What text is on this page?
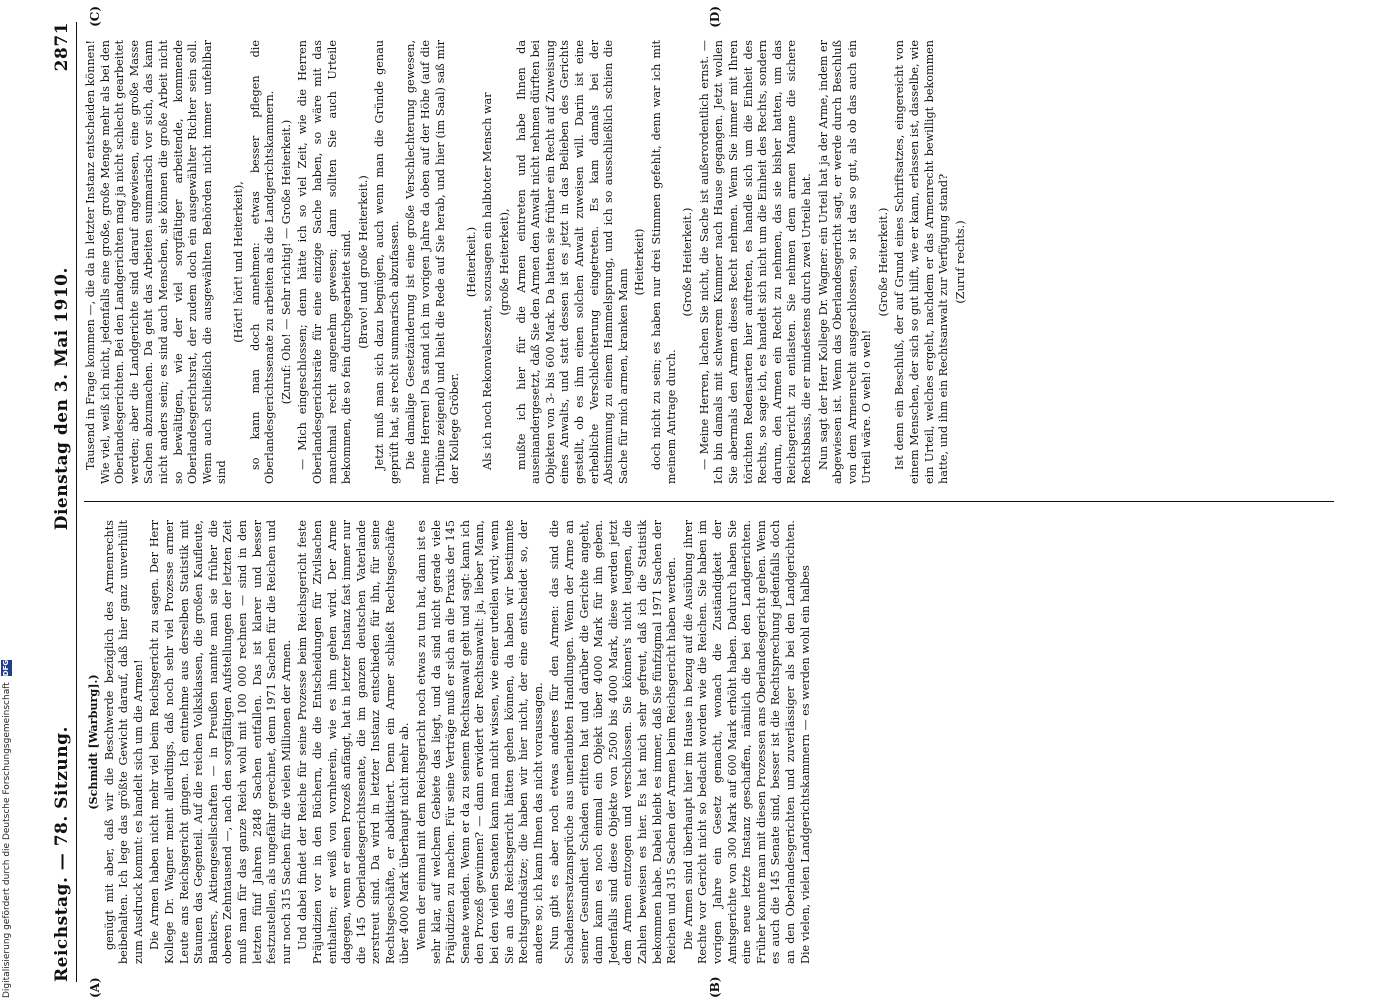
Reichstag. — 78. Sitzung.
Dienstag den 3. Mai 1910.
2871

(Schmidt [Warburg].) genügt mit aber, daß wir die Beschwerde bezüglich des Armenrechts beibehalten. Ich lege das größte Gewicht darauf, daß hier ganz unverhüllt zum Ausdruck kommt: es handelt sich um die Armen! Die Armen haben nicht mehr viel beim Reichsgericht zu sagen. Der Herr Kollege Dr. Wagner meint allerdings, daß noch sehr viel Prozesse armer Leute ans Reichsgericht gingen. Ich entnehme aus derselben Statistik mit Staunen das Gegenteil. Auf die reichen Volksklassen, die großen Kaufleute, Bankiers, Aktiengesellschaften — in Preußen nannte man sie früher die oberen Zehntausend —, nach den sorgfältigen Aufstellungen der letzten Zeit muß man für das ganze Reich wohl mit 100 000 rechnen — sind in den letzten fünf Jahren 2848 Sachen entfallen. Das ist klarer und besser festzustellen, als ungefähr gerechnet, denn 1971 Sachen für die Reichen und nur noch 315 Sachen für die vielen Millionen der Armen. Und dabei findet der Reiche für seine Prozesse beim Reichsgericht feste Präjudizien vor in den Büchern, die die Entscheidungen für Zivilsachen enthalten; er weiß von vornherein, wie es ihm gehen wird. Der Arme dagegen, wenn er einen Prozeß anfängt, hat in letzter Instanz fast immer nur die 145 Oberlandesgerichtssenate, die im ganzen deutschen Vaterlande zerstreut sind. Da wird in letzter Instanz entschieden für ihn, für seine Rechtsgeschäfte, er abdiktiert. Denn ein Armer schließt Rechtsgeschäfte über 4000 Mark überhaupt nicht mehr ab. Wenn der einmal mit dem Reichsgericht noch etwas zu tun hat, dann ist es sehr klar, auf welchem Gebiete das liegt, und da sind nicht gerade viele Präjudizien zu machen. Für seine Verträge muß er sich an die Praxis der 145 Senate wenden. Wenn er da zu seinem Rechtsanwalt geht und sagt: kann ich den Prozeß gewinnen? — dann erwidert der Rechtsanwalt: ja, lieber Mann, bei den vielen Senaten kann man nicht wissen, wie einer urteilen wird; wenn Sie an das Reichsgericht hätten gehen können, da haben wir bestimmte Rechtsgrundsätze; die haben wir hier nicht, der eine entscheidet so, der andere so; ich kann Ihnen das nicht voraussagen. Nun gibt es aber noch etwas anderes für den Armen: das sind die Schadensersatzansprüche aus unerlaubten Handlungen. Wenn der Arme an seiner Gesundheit Schaden erlitten hat und darüber die Gerichte angeht, dann kann es noch einmal ein Objekt über 4000 Mark für ihn geben. Jedenfalls sind diese Objekte von 2500 bis 4000 Mark, diese werden jetzt dem Armen entzogen und verschlossen. Sie können's nicht leugnen, die Zahlen beweisen es hier. Es hat mich sehr gefreut, daß ich die Statistik bekommen habe. Dabei bleibt es immer, daß Sie fünfzigmal 1971 Sachen der Reichen und 315 Sachen der Armen beim Reichsgericht haben werden. Die Armen sind überhaupt hier im Hause in bezug auf die Ausübung ihrer Rechte vor Gericht nicht so bedacht worden wie die Reichen. Sie haben im vorigen Jahre ein Gesetz gemacht, wonach die Zuständigkeit der Amtsgerichte von 300 Mark auf 600 Mark erhöht haben. Dadurch haben Sie eine neue letzte Instanz geschaffen, nämlich die bei den Landgerichten. Früher konnte man mit diesen Prozessen ans Oberlandesgericht gehen. Wenn es auch die 145 Senate sind, besser ist die Rechtsprechung jedenfalls doch an den Oberlandesgerichten und zuverlässiger als bei den Landgerichten. Die vielen, vielen Landgerichtskammern — es werden wohl ein halbes

Tausend in Frage kommen —, die da in letzter Instanz entscheiden können! Wie viel, weiß ich nicht, jedenfalls eine große, große Menge mehr als bei den Oberlandesgerichten. Bei den Landgerichten mag ja nicht schlecht gearbeitet werden; aber die Landgerichte sind darauf angewiesen, eine große Masse Sachen abzumachen. Da geht das Arbeiten summarisch vor sich, das kann nicht anders sein; es sind auch Menschen, sie können die große Arbeit nicht so bewältigen, wie der viel sorgfältiger arbeitende, kommende Oberlandesgerichtsrat, der zudem doch ein ausgewählter Richter sein soll. Wenn auch schließlich die ausgewählten Behörden nicht immer unfehlbar sind

(Hört! hört! und Heiterkeit), so kann man doch annehmen: etwas besser pflegen die Oberlandesgerichtssenate zu arbeiten als die Landgerichtskammern. (Zuruf: Oho! — Sehr richtig! — Große Heiterkeit.) — Mich eingeschlossen; denn hätte ich so viel Zeit, wie die Herren Oberlandesgerichtsräte für eine einzige Sache haben, so wäre mit das manchmal recht angenehm gewesen; dann sollten Sie auch Urteile bekommen, die so fein durchgearbeitet sind. (Bravo! und große Heiterkeit.) Jetzt muß man sich dazu begnügen, auch wenn man die Gründe genau geprüft hat, sie recht summarisch abzufassen. Die damalige Gesetzänderung ist eine große Verschlechterung gewesen, meine Herren! Da stand ich im vorigen Jahre da oben auf der Höhe (auf die Tribüne zeigend) und hielt die Rede auf Sie herab, und hier (im Saal) saß mir der Kollege Gröber.

(Heiterkeit.) Als ich noch Rekonvaleszent, sozusagen ein halbtoter Mensch war (große Heiterkeit), mußte ich hier für die Armen eintreten und habe Ihnen da auseinandergesetzt, daß Sie den Armen den Anwalt nicht nehmen dürften bei Objekten von 3- bis 600 Mark. Da hatten sie früher ein Recht auf Zuweisung eines Anwalts, und statt dessen ist es jetzt in das Belieben des Gerichts gestellt, ob es ihm einen solchen Anwalt zuweisen will. Darin ist eine erhebliche Verschlechterung eingetreten. Es kam damals bei der Abstimmung zu einem Hammelsprung, und ich so ausschließlich schien die Sache für mich armen, kranken Mann

(Heiterkeit) doch nicht zu sein; es haben nur drei Stimmen gefehlt, denn war ich mit meinem Antrage durch.

(Große Heiterkeit.) — Meine Herren, lachen Sie nicht, die Sache ist außerordentlich ernst. — Ich bin damals mit schwerem Kummer nach Hause gegangen. Jetzt wollen Sie abermals den Armen dieses Recht nehmen. Wenn Sie immer mit Ihren törichten Redensarten hier auftreten, es handle sich um die Einheit des Rechts, so sage ich, es handelt sich nicht um die Einheit des Rechts, sondern darum, den Armen ein Recht zu nehmen, das sie bisher hatten, um das Reichsgericht zu entlasten. Sie nehmen dem armen Manne die sichere Rechtsbasis, die er mindestens durch zwei Urteile hat. Nun sagt der Herr Kollege Dr. Wagner: ein Urteil hat ja der Arme, indem er abgewiesen ist. Wenn das Oberlandesgericht sagt, er werde durch Beschluß von dem Armenrecht ausgeschlossen, so ist das so gut, als ob das auch ein Urteil wäre. O weh! o weh!

(Große Heiterkeit.) Ist denn ein Beschluß, der auf Grund eines Schriftsatzes, eingereicht von einem Menschen, der sich so gut hilft, wie er kann, erlassen ist, dasselbe, wie ein Urteil, welches ergeht, nachdem er das Armenrecht bewilligt bekommen hatte, und ihm ein Rechtsanwalt zur Verfügung stand? (Zuruf rechts.)

(A)	(B)
(C)	(D)
Digitalisierung gefördert durch die Deutsche Forschungsgemeinschaft
DFG
